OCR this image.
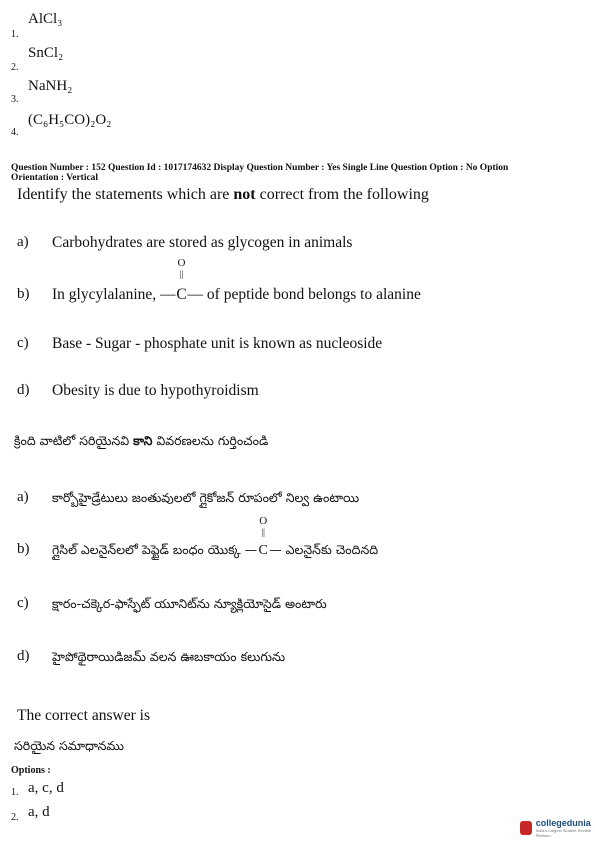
1.
AlCl₃
2.
SnCl₂
3.
NaNH₂
4.
(C₆H₅CO)₂O₂
Question Number : 152 Question Id : 1017174632 Display Question Number : Yes Single Line Question Option : No Option
Orientation : Vertical
Identify the statements which are not correct from the following
a) Carbohydrates are stored as glycogen in animals
b) In glycylalanine, —
O
||
C— of peptide bond belongs to alanine
c) Base - Sugar - phosphate unit is known as nucleoside
d) Obesity is due to hypothyroidism
క్రింది వాటిలో సరియైనవి కాని వివరణలను గుర్తించండి
a) కార్బోహైడ్రేటులు జంతువులలో గ్లైకోజన్ రూపంలో నిల్వ ఉంటాయి
b) గ్లైసిల్ ఎలనైన్‌లలో పెప్టైడ్ బంధం యొక్క —
O
||
C— ఎలనైన్‌కు చెందినది
c) క్షారం-చక్కెర-ఫాస్ఫేట్ యూనిట్‌ను న్యూక్లియోసైడ్ అంటారు
d) హైపోథైరాయిడిజమ్ వలన ఊబకాయం కలుగును
The correct answer is
సరియైన సమాధానము
Options :
1. a, c, d
2. a, d
collegedunia
India's Largest Student Review Platform
